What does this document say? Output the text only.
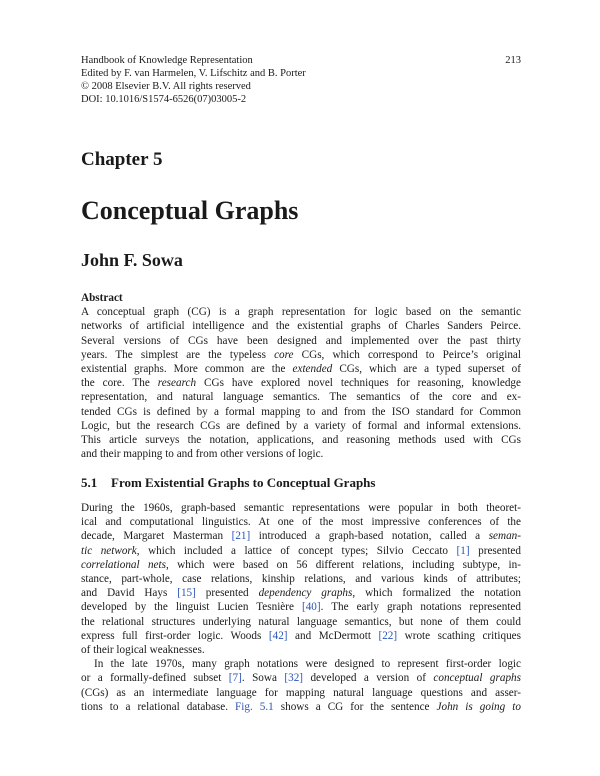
Handbook of Knowledge Representation
Edited by F. van Harmelen, V. Lifschitz and B. Porter
© 2008 Elsevier B.V. All rights reserved
DOI: 10.1016/S1574-6526(07)03005-2
213
Chapter 5
Conceptual Graphs
John F. Sowa
Abstract
A conceptual graph (CG) is a graph representation for logic based on the semantic
networks of artificial intelligence and the existential graphs of Charles Sanders Peirce.
Several versions of CGs have been designed and implemented over the past thirty
years. The simplest are the typeless core CGs, which correspond to Peirce’s original
existential graphs. More common are the extended CGs, which are a typed superset of
the core. The research CGs have explored novel techniques for reasoning, knowledge
representation, and natural language semantics. The semantics of the core and ex-
tended CGs is defined by a formal mapping to and from the ISO standard for Common
Logic, but the research CGs are defined by a variety of formal and informal extensions.
This article surveys the notation, applications, and reasoning methods used with CGs
and their mapping to and from other versions of logic.
5.1 From Existential Graphs to Conceptual Graphs
During the 1960s, graph-based semantic representations were popular in both theoret-
ical and computational linguistics. At one of the most impressive conferences of the
decade, Margaret Masterman [21] introduced a graph-based notation, called a seman-
tic network, which included a lattice of concept types; Silvio Ceccato [1] presented
correlational nets, which were based on 56 different relations, including subtype, in-
stance, part-whole, case relations, kinship relations, and various kinds of attributes;
and David Hays [15] presented dependency graphs, which formalized the notation
developed by the linguist Lucien Tesnière [40]. The early graph notations represented
the relational structures underlying natural language semantics, but none of them could
express full first-order logic. Woods [42] and McDermott [22] wrote scathing critiques
of their logical weaknesses.
In the late 1970s, many graph notations were designed to represent first-order logic
or a formally-defined subset [7]. Sowa [32] developed a version of conceptual graphs
(CGs) as an intermediate language for mapping natural language questions and asser-
tions to a relational database. Fig. 5.1 shows a CG for the sentence John is going to
